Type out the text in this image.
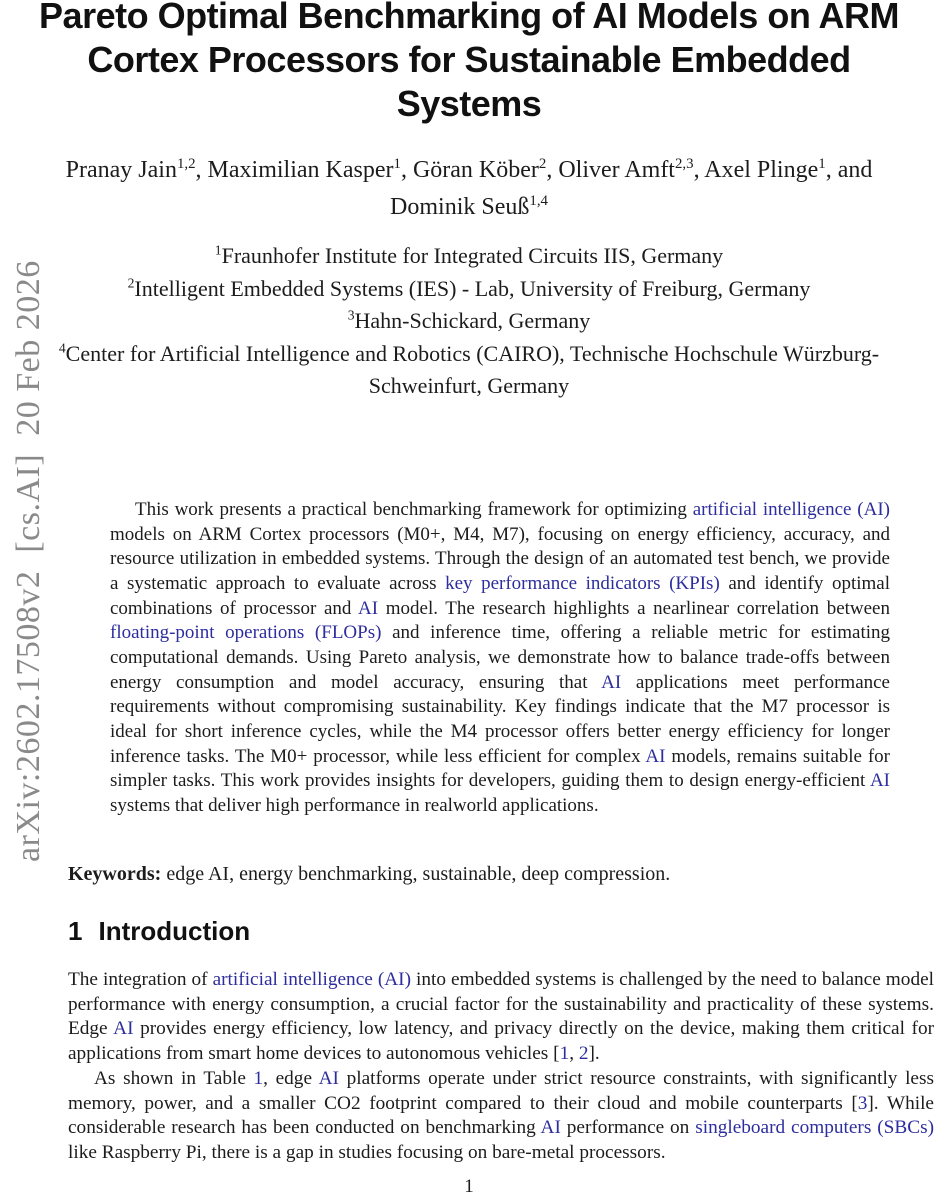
arXiv:2602.17508v2  [cs.AI]  20 Feb 2026
Pareto Optimal Benchmarking of AI Models on ARM Cortex Processors for Sustainable Embedded Systems
Pranay Jain$^{1,2}$, Maximilian Kasper$^1$, Göran Köber$^2$, Oliver Amft$^{2,3}$, Axel Plinge$^1$, and Dominik Seuß$^{1,4}$
$^1$Fraunhofer Institute for Integrated Circuits IIS, Germany
$^2$Intelligent Embedded Systems (IES) - Lab, University of Freiburg, Germany
$^3$Hahn-Schickard, Germany
$^4$Center for Artificial Intelligence and Robotics (CAIRO), Technische Hochschule Würzburg-Schweinfurt, Germany
This work presents a practical benchmarking framework for optimizing artificial intelligence (AI) models on ARM Cortex processors (M0+, M4, M7), focusing on energy efficiency, accuracy, and resource utilization in embedded systems. Through the design of an automated test bench, we provide a systematic approach to evaluate across key performance indicators (KPIs) and identify optimal combinations of processor and AI model. The research highlights a nearlinear correlation between floating-point operations (FLOPs) and inference time, offering a reliable metric for estimating computational demands. Using Pareto analysis, we demonstrate how to balance trade-offs between energy consumption and model accuracy, ensuring that AI applications meet performance requirements without compromising sustainability. Key findings indicate that the M7 processor is ideal for short inference cycles, while the M4 processor offers better energy efficiency for longer inference tasks. The M0+ processor, while less efficient for complex AI models, remains suitable for simpler tasks. This work provides insights for developers, guiding them to design energy-efficient AI systems that deliver high performance in realworld applications.
Keywords: edge AI, energy benchmarking, sustainable, deep compression.
1 Introduction

The integration of artificial intelligence (AI) into embedded systems is challenged by the need to balance model performance with energy consumption, a crucial factor for the sustainability and practicality of these systems. Edge AI provides energy efficiency, low latency, and privacy directly on the device, making them critical for applications from smart home devices to autonomous vehicles [1, 2].

As shown in Table 1, edge AI platforms operate under strict resource constraints, with significantly less memory, power, and a smaller CO2 footprint compared to their cloud and mobile counterparts [3]. While considerable research has been conducted on benchmarking AI performance on singleboard computers (SBCs) like Raspberry Pi, there is a gap in studies focusing on bare-metal processors.

1
